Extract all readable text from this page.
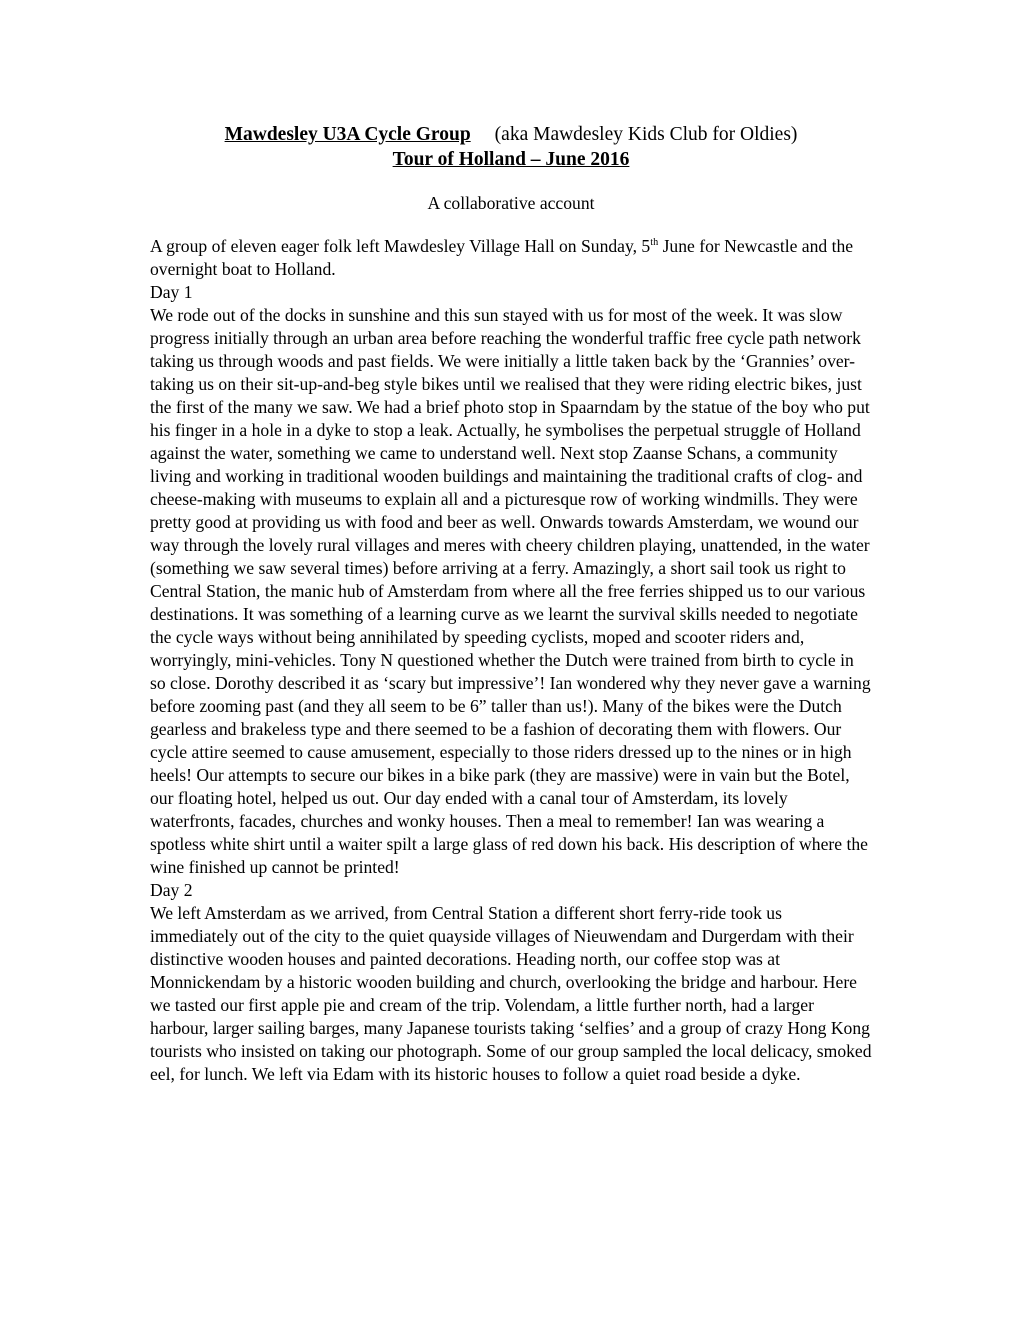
Mawdesley U3A Cycle Group (aka Mawdesley Kids Club for Oldies)
Tour of Holland – June 2016
A collaborative account

A group of eleven eager folk left Mawdesley Village Hall on Sunday, 5th June for Newcastle and the overnight boat to Holland.

Day 1

We rode out of the docks in sunshine and this sun stayed with us for most of the week. It was slow progress initially through an urban area before reaching the wonderful traffic free cycle path network taking us through woods and past fields. We were initially a little taken back by the ‘Grannies’ over-taking us on their sit-up-and-beg style bikes until we realised that they were riding electric bikes, just the first of the many we saw. We had a brief photo stop in Spaarndam by the statue of the boy who put his finger in a hole in a dyke to stop a leak. Actually, he symbolises the perpetual struggle of Holland against the water, something we came to understand well. Next stop Zaanse Schans, a community living and working in traditional wooden buildings and maintaining the traditional crafts of clog- and cheese-making with museums to explain all and a picturesque row of working windmills. They were pretty good at providing us with food and beer as well. Onwards towards Amsterdam, we wound our way through the lovely rural villages and meres with cheery children playing, unattended, in the water (something we saw several times) before arriving at a ferry. Amazingly, a short sail took us right to Central Station, the manic hub of Amsterdam from where all the free ferries shipped us to our various destinations. It was something of a learning curve as we learnt the survival skills needed to negotiate the cycle ways without being annihilated by speeding cyclists, moped and scooter riders and, worryingly, mini-vehicles. Tony N questioned whether the Dutch were trained from birth to cycle in so close. Dorothy described it as ‘scary but impressive’! Ian wondered why they never gave a warning before zooming past (and they all seem to be 6” taller than us!). Many of the bikes were the Dutch gearless and brakeless type and there seemed to be a fashion of decorating them with flowers. Our cycle attire seemed to cause amusement, especially to those riders dressed up to the nines or in high heels! Our attempts to secure our bikes in a bike park (they are massive) were in vain but the Botel, our floating hotel, helped us out. Our day ended with a canal tour of Amsterdam, its lovely waterfronts, facades, churches and wonky houses. Then a meal to remember! Ian was wearing a spotless white shirt until a waiter spilt a large glass of red down his back. His description of where the wine finished up cannot be printed!

Day 2

We left Amsterdam as we arrived, from Central Station a different short ferry-ride took us immediately out of the city to the quiet quayside villages of Nieuwendam and Durgerdam with their distinctive wooden houses and painted decorations. Heading north, our coffee stop was at Monnickendam by a historic wooden building and church, overlooking the bridge and harbour. Here we tasted our first apple pie and cream of the trip. Volendam, a little further north, had a larger harbour, larger sailing barges, many Japanese tourists taking ‘selfies’ and a group of crazy Hong Kong tourists who insisted on taking our photograph. Some of our group sampled the local delicacy, smoked eel, for lunch. We left via Edam with its historic houses to follow a quiet road beside a dyke.
